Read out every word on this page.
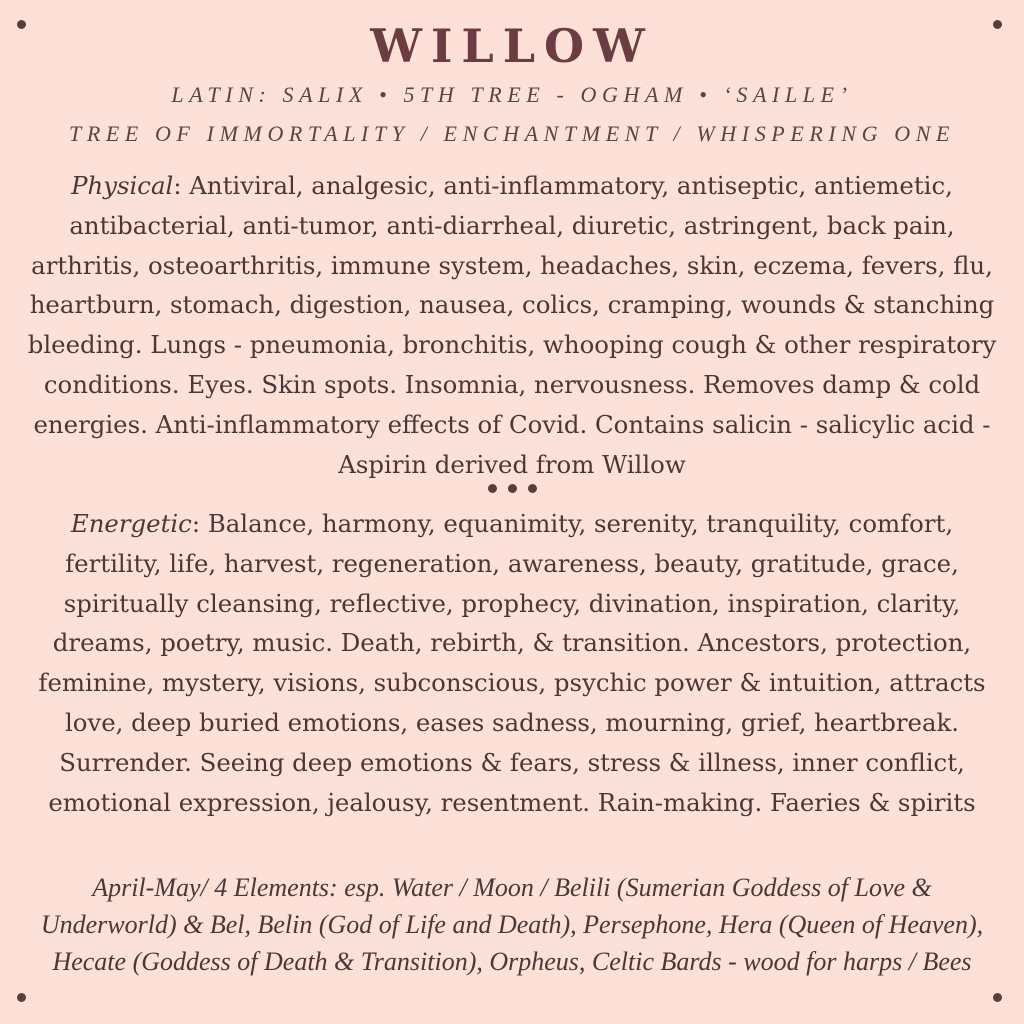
WILLOW
LATIN: SALIX • 5TH TREE - OGHAM • ‘SAILLE’
TREE OF IMMORTALITY / ENCHANTMENT / WHISPERING ONE
Physical: Antiviral, analgesic, anti-inflammatory, antiseptic, antiemetic, antibacterial, anti-tumor, anti-diarrheal, diuretic, astringent, back pain, arthritis, osteoarthritis, immune system, headaches, skin, eczema, fevers, flu, heartburn, stomach, digestion, nausea, colics, cramping, wounds & stanching bleeding. Lungs - pneumonia, bronchitis, whooping cough & other respiratory conditions. Eyes. Skin spots. Insomnia, nervousness. Removes damp & cold energies. Anti-inflammatory effects of Covid. Contains salicin - salicylic acid - Aspirin derived from Willow
Energetic: Balance, harmony, equanimity, serenity, tranquility, comfort, fertility, life, harvest, regeneration, awareness, beauty, gratitude, grace, spiritually cleansing, reflective, prophecy, divination, inspiration, clarity, dreams, poetry, music. Death, rebirth, & transition. Ancestors, protection, feminine, mystery, visions, subconscious, psychic power & intuition, attracts love, deep buried emotions, eases sadness, mourning, grief, heartbreak. Surrender. Seeing deep emotions & fears, stress & illness, inner conflict, emotional expression, jealousy, resentment. Rain-making. Faeries & spirits
April-May/ 4 Elements: esp. Water / Moon / Belili (Sumerian Goddess of Love & Underworld) & Bel, Belin (God of Life and Death), Persephone, Hera (Queen of Heaven), Hecate (Goddess of Death & Transition), Orpheus, Celtic Bards - wood for harps / Bees
